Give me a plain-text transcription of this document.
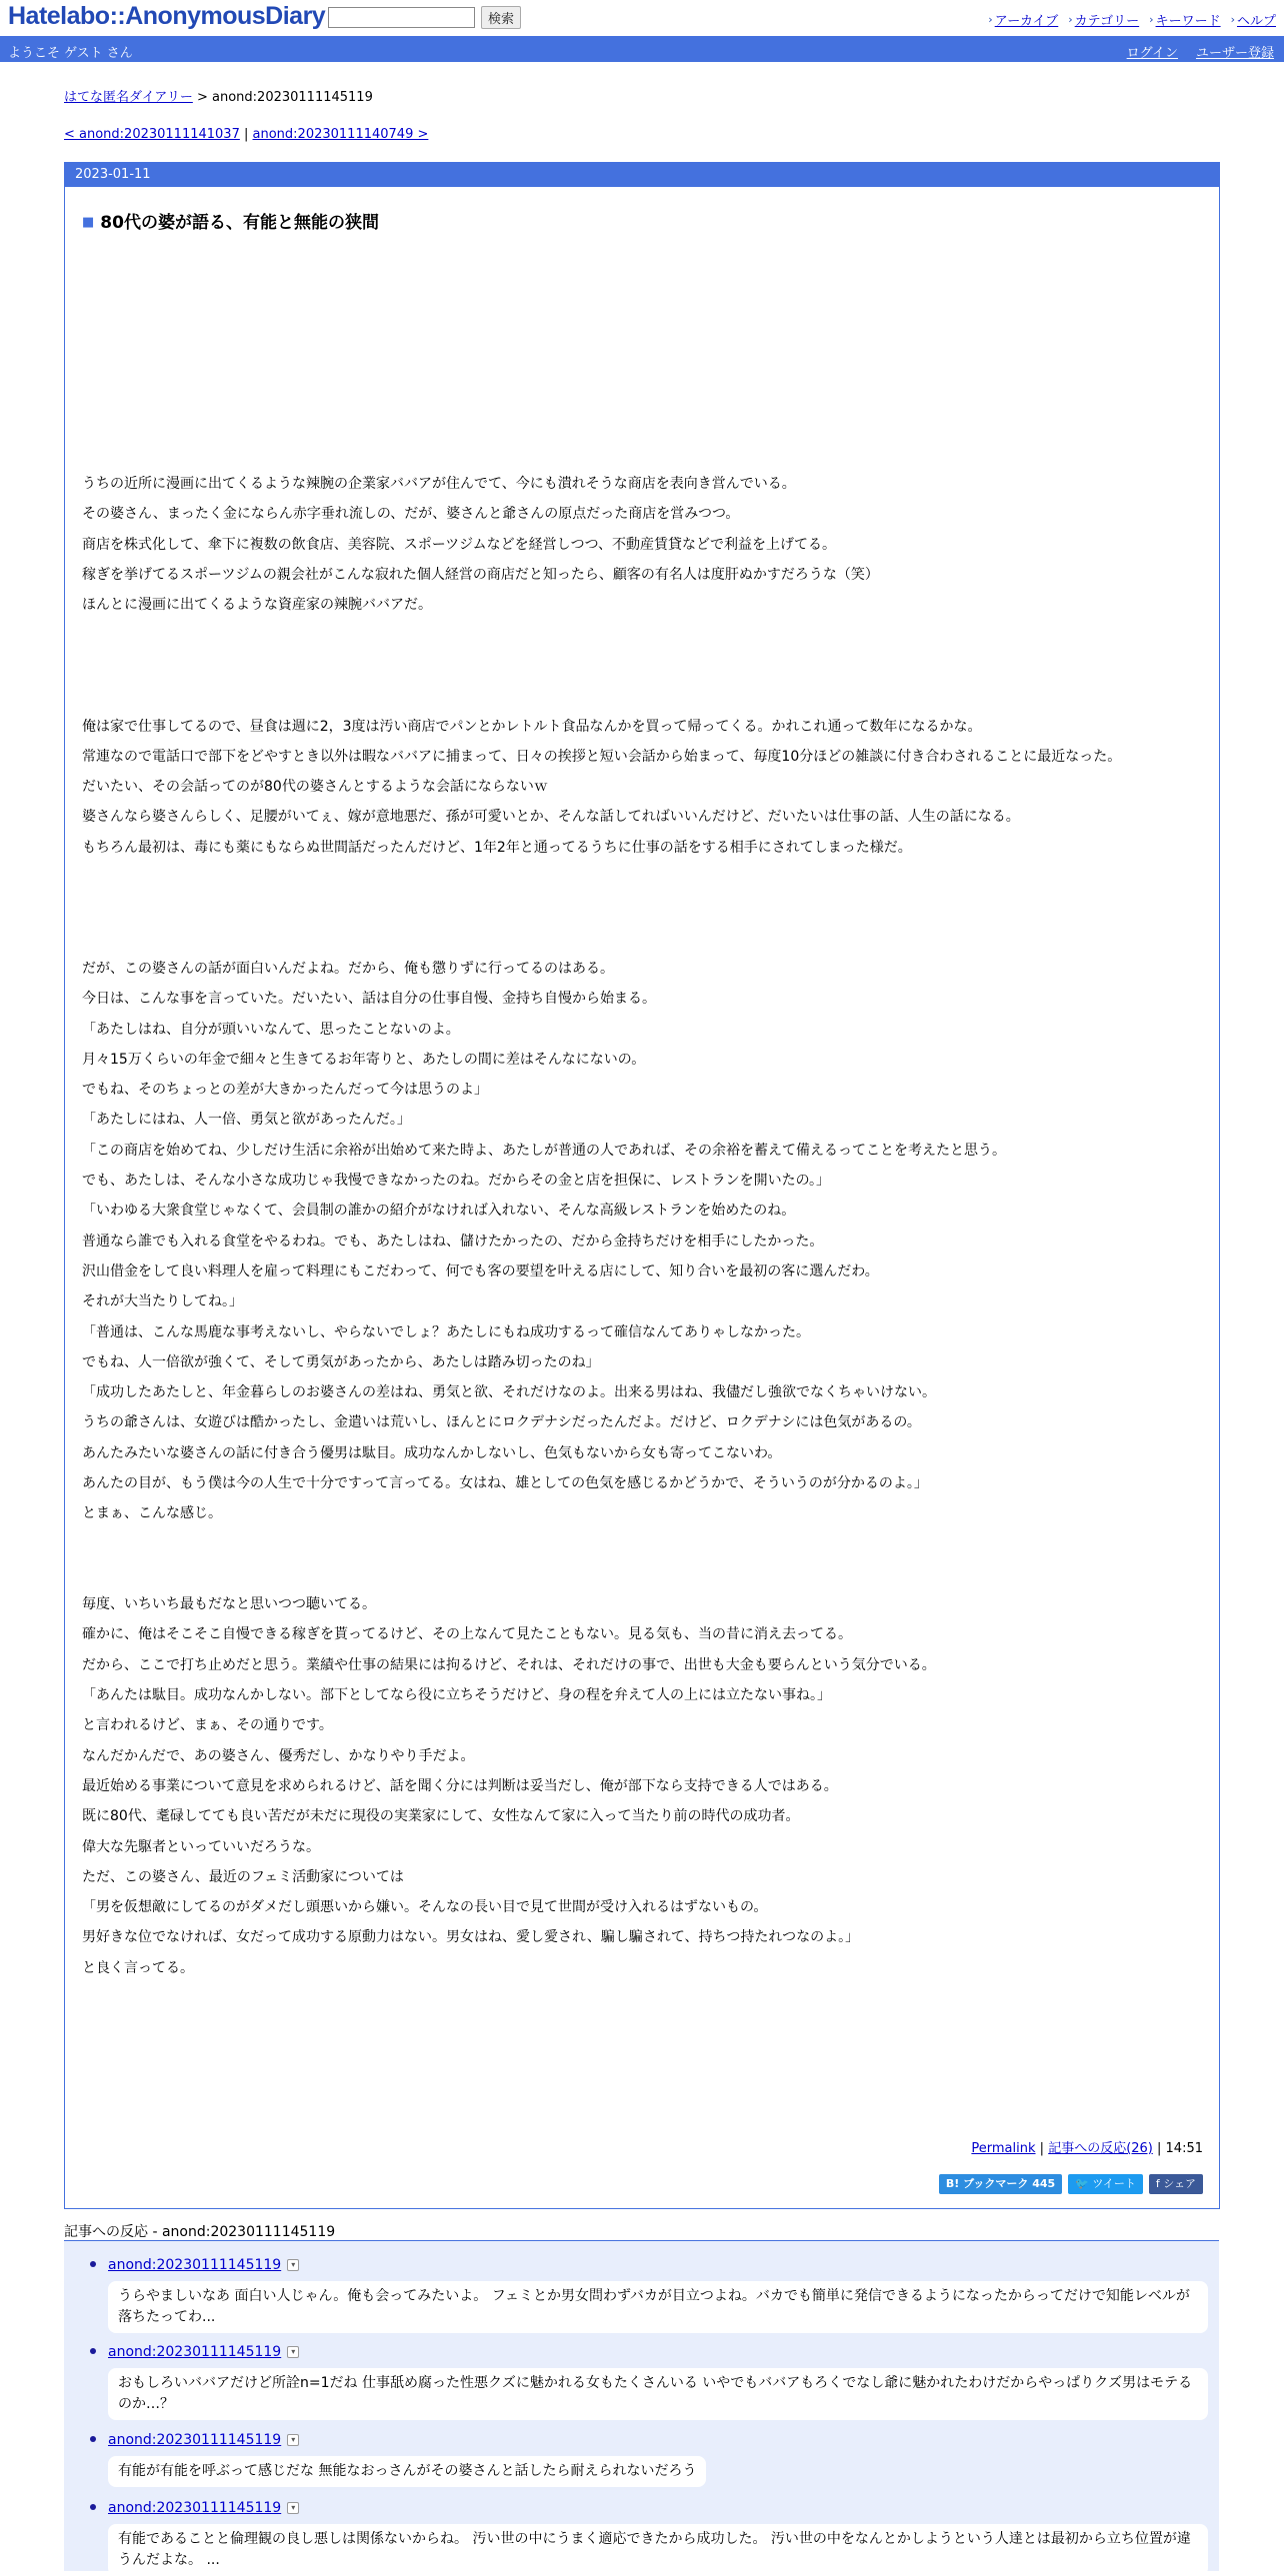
Hatelabo::AnonymousDiary	検索	› アーカイブ › カテゴリー › キーワード › ヘルプ
ようこそ ゲスト さん	ログイン ユーザー登録
はてな匿名ダイアリー > anond:20230111145119
< anond:20230111141037 | anond:20230111140749 >
2023-01-11
■ 80代の婆が語る、有能と無能の狭間

うちの近所に漫画に出てくるような辣腕の企業家ババアが住んでて、今にも潰れそうな商店を表向き営んでいる。

その婆さん、まったく金にならん赤字垂れ流しの、だが、婆さんと爺さんの原点だった商店を営みつつ。

商店を株式化して、傘下に複数の飲食店、美容院、スポーツジムなどを経営しつつ、不動産賃貸などで利益を上げてる。

稼ぎを挙げてるスポーツジムの親会社がこんな寂れた個人経営の商店だと知ったら、顧客の有名人は度肝ぬかすだろうな（笑）

ほんとに漫画に出てくるような資産家の辣腕ババアだ。

俺は家で仕事してるので、昼食は週に2，3度は汚い商店でパンとかレトルト食品なんかを買って帰ってくる。かれこれ通って数年になるかな。

常連なので電話口で部下をどやすとき以外は暇なババアに捕まって、日々の挨拶と短い会話から始まって、毎度10分ほどの雑談に付き合わされることに最近なった。

だいたい、その会話ってのが80代の婆さんとするような会話にならないｗ

婆さんなら婆さんらしく、足腰がいてぇ、嫁が意地悪だ、孫が可愛いとか、そんな話してればいいんだけど、だいたいは仕事の話、人生の話になる。

もちろん最初は、毒にも薬にもならぬ世間話だったんだけど、1年2年と通ってるうちに仕事の話をする相手にされてしまった様だ。

だが、この婆さんの話が面白いんだよね。だから、俺も懲りずに行ってるのはある。

今日は、こんな事を言っていた。だいたい、話は自分の仕事自慢、金持ち自慢から始まる。

「あたしはね、自分が頭いいなんて、思ったことないのよ。

月々15万くらいの年金で細々と生きてるお年寄りと、あたしの間に差はそんなにないの。

でもね、そのちょっとの差が大きかったんだって今は思うのよ」

「あたしにはね、人一倍、勇気と欲があったんだ。」

「この商店を始めてね、少しだけ生活に余裕が出始めて来た時よ、あたしが普通の人であれば、その余裕を蓄えて備えるってことを考えたと思う。

でも、あたしは、そんな小さな成功じゃ我慢できなかったのね。だからその金と店を担保に、レストランを開いたの。」

「いわゆる大衆食堂じゃなくて、会員制の誰かの紹介がなければ入れない、そんな高級レストランを始めたのね。

普通なら誰でも入れる食堂をやるわね。でも、あたしはね、儲けたかったの、だから金持ちだけを相手にしたかった。

沢山借金をして良い料理人を雇って料理にもこだわって、何でも客の要望を叶える店にして、知り合いを最初の客に選んだわ。

それが大当たりしてね。」

「普通は、こんな馬鹿な事考えないし、やらないでしょ？あたしにもね成功するって確信なんてありゃしなかった。

でもね、人一倍欲が強くて、そして勇気があったから、あたしは踏み切ったのね」

「成功したあたしと、年金暮らしのお婆さんの差はね、勇気と欲、それだけなのよ。出来る男はね、我儘だし強欲でなくちゃいけない。

うちの爺さんは、女遊びは酷かったし、金遣いは荒いし、ほんとにロクデナシだったんだよ。だけど、ロクデナシには色気があるの。

あんたみたいな婆さんの話に付き合う優男は駄目。成功なんかしないし、色気もないから女も寄ってこないわ。

あんたの目が、もう僕は今の人生で十分ですって言ってる。女はね、雄としての色気を感じるかどうかで、そういうのが分かるのよ。」

とまぁ、こんな感じ。

毎度、いちいち最もだなと思いつつ聴いてる。

確かに、俺はそこそこ自慢できる稼ぎを貰ってるけど、その上なんて見たこともない。見る気も、当の昔に消え去ってる。

だから、ここで打ち止めだと思う。業績や仕事の結果には拘るけど、それは、それだけの事で、出世も大金も要らんという気分でいる。

「あんたは駄目。成功なんかしない。部下としてなら役に立ちそうだけど、身の程を弁えて人の上には立たない事ね。」

と言われるけど、まぁ、その通りです。

なんだかんだで、あの婆さん、優秀だし、かなりやり手だよ。

最近始める事業について意見を求められるけど、話を聞く分には判断は妥当だし、俺が部下なら支持できる人ではある。

既に80代、耄碌してても良い苦だが未だに現役の実業家にして、女性なんて家に入って当たり前の時代の成功者。

偉大な先駆者といっていいだろうな。

ただ、この婆さん、最近のフェミ活動家については

「男を仮想敵にしてるのがダメだし頭悪いから嫌い。そんなの長い目で見て世間が受け入れるはずないもの。

男好きな位でなければ、女だって成功する原動力はない。男女はね、愛し愛され、騙し騙されて、持ちつ持たれつなのよ。」

と良く言ってる。

Permalink | 記事への反応(26) | 14:51
B! ブックマーク 445	🐦 ツイート	f シェア
記事への反応 - anond:20230111145119
anond:20230111145119	▾
うらやましいなあ 面白い人じゃん。俺も会ってみたいよ。 フェミとか男女問わずバカが目立つよね。バカでも簡単に発信できるようになったからってだけで知能レベルが落ちたってわ...
anond:20230111145119	▾
おもしろいババアだけど所詮n=1だね 仕事舐め腐った性悪クズに魅かれる女もたくさんいる いやでもババアもろくでなし爺に魅かれたわけだからやっぱりクズ男はモテるのか…？
anond:20230111145119	▾
有能が有能を呼ぶって感じだな 無能なおっさんがその婆さんと話したら耐えられないだろう
anond:20230111145119	▾
有能であることと倫理観の良し悪しは関係ないからね。 汚い世の中にうまく適応できたから成功した。 汚い世の中をなんとかしようという人達とは最初から立ち位置が違うんだよな。 ...
